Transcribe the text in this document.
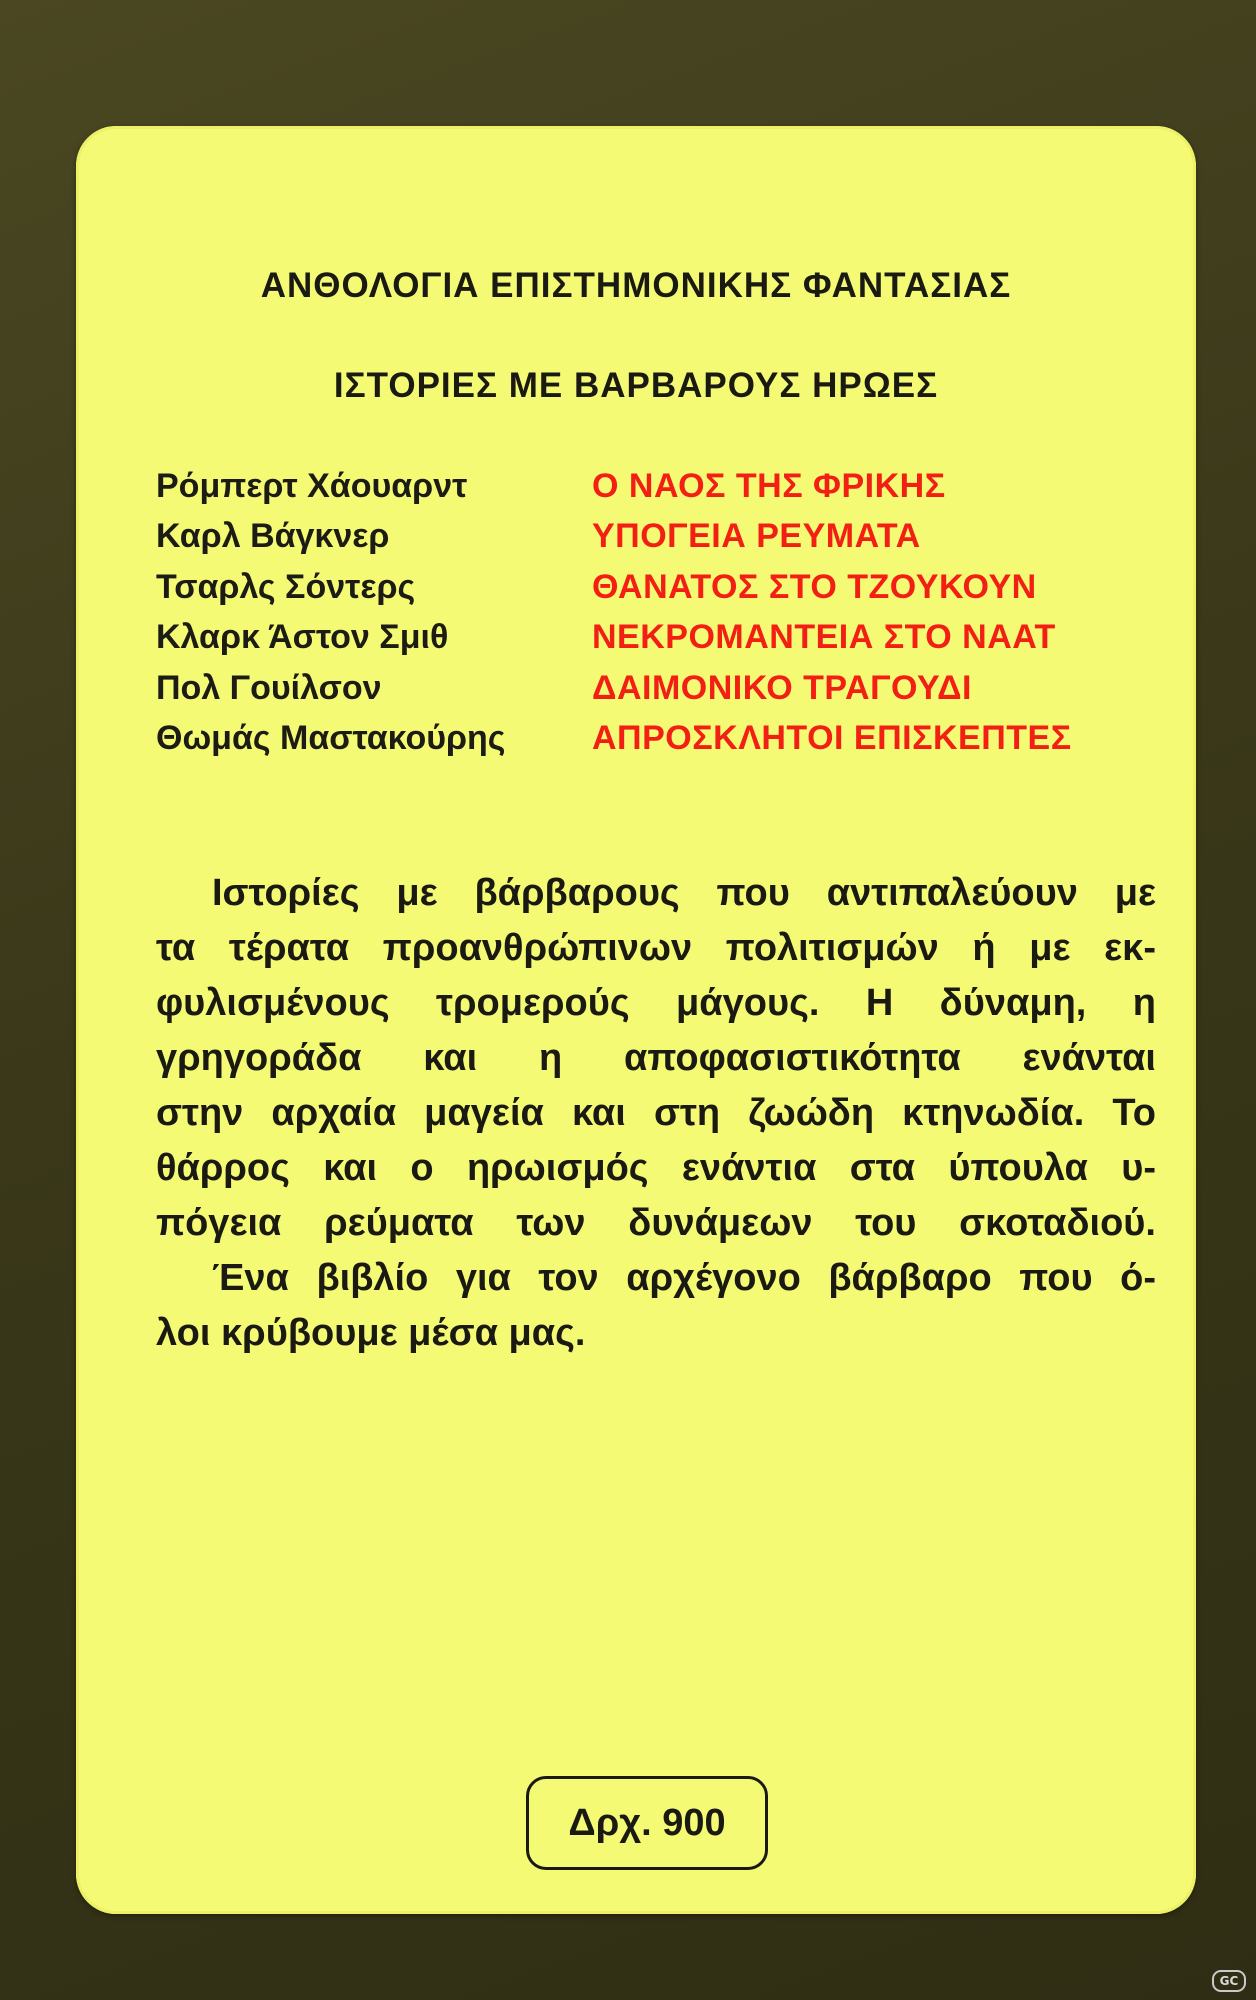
ΑΝΘΟΛΟΓΙΑ ΕΠΙΣΤΗΜΟΝΙΚΗΣ ΦΑΝΤΑΣΙΑΣ
ΙΣΤΟΡΙΕΣ ΜΕ ΒΑΡΒΑΡΟΥΣ ΗΡΩΕΣ
Ρόμπερτ Χάουαρντ	Ο ΝΑΟΣ ΤΗΣ ΦΡΙΚΗΣ
Καρλ Βάγκνερ	ΥΠΟΓΕΙΑ ΡΕΥΜΑΤΑ
Τσαρλς Σόντερς	ΘΑΝΑΤΟΣ ΣΤΟ ΤΖΟΥΚΟΥΝ
Κλαρκ Άστον Σμιθ	ΝΕΚΡΟΜΑΝΤΕΙΑ ΣΤΟ ΝΑΑΤ
Πολ Γουίλσον	ΔΑΙΜΟΝΙΚΟ ΤΡΑΓΟΥΔΙ
Θωμάς Μαστακούρης	ΑΠΡΟΣΚΛΗΤΟΙ ΕΠΙΣΚΕΠΤΕΣ
Ιστορίες με βάρβαρους που αντιπαλεύουν με
τα τέρατα προανθρώπινων πολιτισμών ή με εκ-
φυλισμένους τρομερούς μάγους. Η δύναμη, η
γρηγοράδα και η αποφασιστικότητα ενάνται
στην αρχαία μαγεία και στη ζωώδη κτηνωδία. Το
θάρρος και ο ηρωισμός ενάντια στα ύπουλα υ-
πόγεια ρεύματα των δυνάμεων του σκοταδιού.
Ένα βιβλίο για τον αρχέγονο βάρβαρο που ό-
λοι κρύβουμε μέσα μας.
Δρχ. 900
GC
